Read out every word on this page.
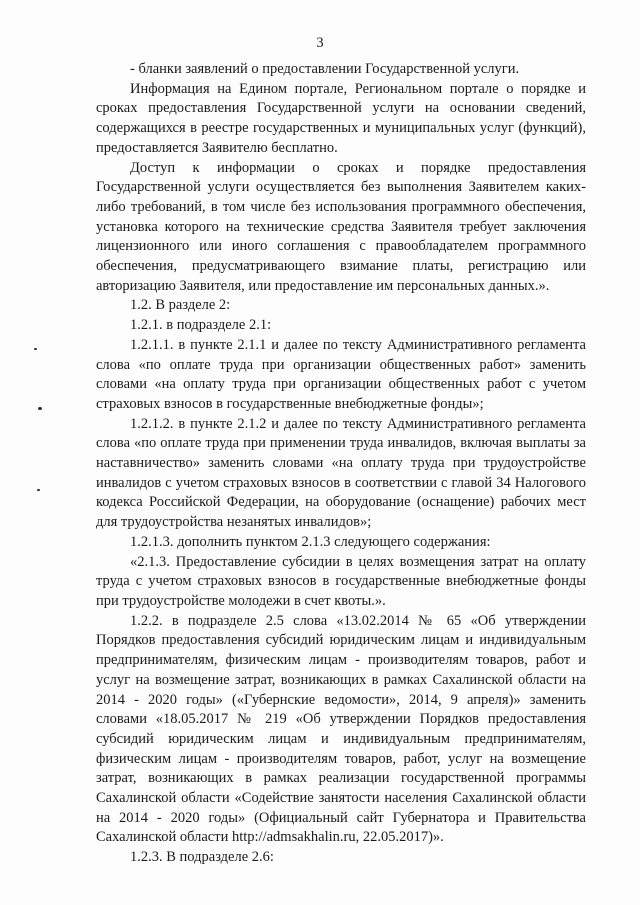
3

- бланки заявлений о предоставлении Государственной услуги.

Информация на Едином портале, Региональном портале о порядке и сроках предоставления Государственной услуги на основании сведений, содержащихся в реестре государственных и муниципальных услуг (функций), предоставляется Заявителю бесплатно.

Доступ к информации о сроках и порядке предоставления Государственной услуги осуществляется без выполнения Заявителем каких-либо требований, в том числе без использования программного обеспечения, установка которого на технические средства Заявителя требует заключения лицензионного или иного соглашения с правообладателем программного обеспечения, предусматривающего взимание платы, регистрацию или авторизацию Заявителя, или предоставление им персональных данных.».

1.2. В разделе 2:

1.2.1. в подразделе 2.1:

1.2.1.1. в пункте 2.1.1 и далее по тексту Административного регламента слова «по оплате труда при организации общественных работ» заменить словами «на оплату труда при организации общественных работ с учетом страховых взносов в государственные внебюджетные фонды»;

1.2.1.2. в пункте 2.1.2 и далее по тексту Административного регламента слова «по оплате труда при применении труда инвалидов, включая выплаты за наставничество» заменить словами «на оплату труда при трудоустройстве инвалидов с учетом страховых взносов в соответствии с главой 34 Налогового кодекса Российской Федерации, на оборудование (оснащение) рабочих мест для трудоустройства незанятых инвалидов»;

1.2.1.3. дополнить пунктом 2.1.3 следующего содержания:

«2.1.3. Предоставление субсидии в целях возмещения затрат на оплату труда с учетом страховых взносов в государственные внебюджетные фонды при трудоустройстве молодежи в счет квоты.».

1.2.2. в подразделе 2.5 слова «13.02.2014 № 65 «Об утверждении Порядков предоставления субсидий юридическим лицам и индивидуальным предпринимателям, физическим лицам - производителям товаров, работ и услуг на возмещение затрат, возникающих в рамках Сахалинской области на 2014 - 2020 годы» («Губернские ведомости», 2014, 9 апреля)» заменить словами «18.05.2017 № 219 «Об утверждении Порядков предоставления субсидий юридическим лицам и индивидуальным предпринимателям, физическим лицам - производителям товаров, работ, услуг на возмещение затрат, возникающих в рамках реализации государственной программы Сахалинской области «Содействие занятости населения Сахалинской области на 2014 - 2020 годы» (Официальный сайт Губернатора и Правительства Сахалинской области http://admsakhalin.ru, 22.05.2017)».

1.2.3. В подразделе 2.6:
